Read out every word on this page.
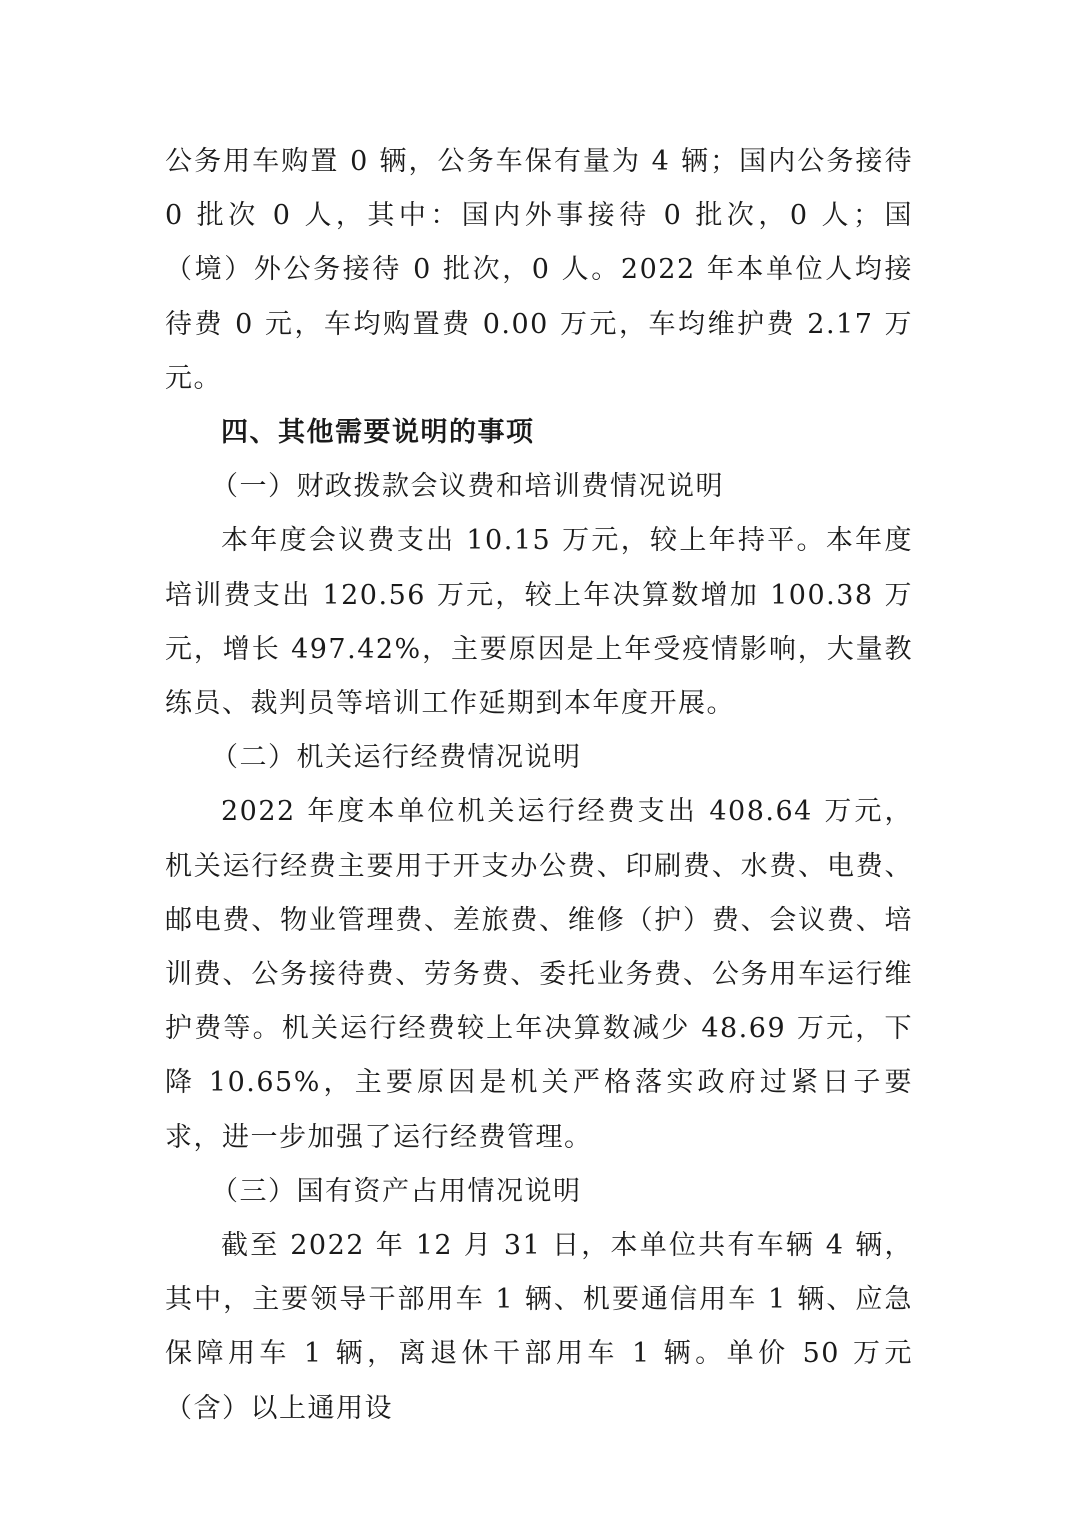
公务用车购置 0 辆，公务车保有量为 4 辆；国内公务接待 0 批次 0 人，其中：国内外事接待 0 批次，0 人；国（境）外公务接待 0 批次，0 人。2022 年本单位人均接待费 0 元，车均购置费 0.00 万元，车均维护费 2.17 万元。

四、其他需要说明的事项

（一）财政拨款会议费和培训费情况说明

本年度会议费支出 10.15 万元，较上年持平。本年度培训费支出 120.56 万元，较上年决算数增加 100.38 万元，增长 497.42%，主要原因是上年受疫情影响，大量教练员、裁判员等培训工作延期到本年度开展。

（二）机关运行经费情况说明

2022 年度本单位机关运行经费支出 408.64 万元，机关运行经费主要用于开支办公费、印刷费、水费、电费、邮电费、物业管理费、差旅费、维修（护）费、会议费、培训费、公务接待费、劳务费、委托业务费、公务用车运行维护费等。机关运行经费较上年决算数减少 48.69 万元，下降 10.65%，主要原因是机关严格落实政府过紧日子要求，进一步加强了运行经费管理。

（三）国有资产占用情况说明

截至 2022 年 12 月 31 日，本单位共有车辆 4 辆，其中，主要领导干部用车 1 辆、机要通信用车 1 辆、应急保障用车 1 辆，离退休干部用车 1 辆。单价 50 万元（含）以上通用设
